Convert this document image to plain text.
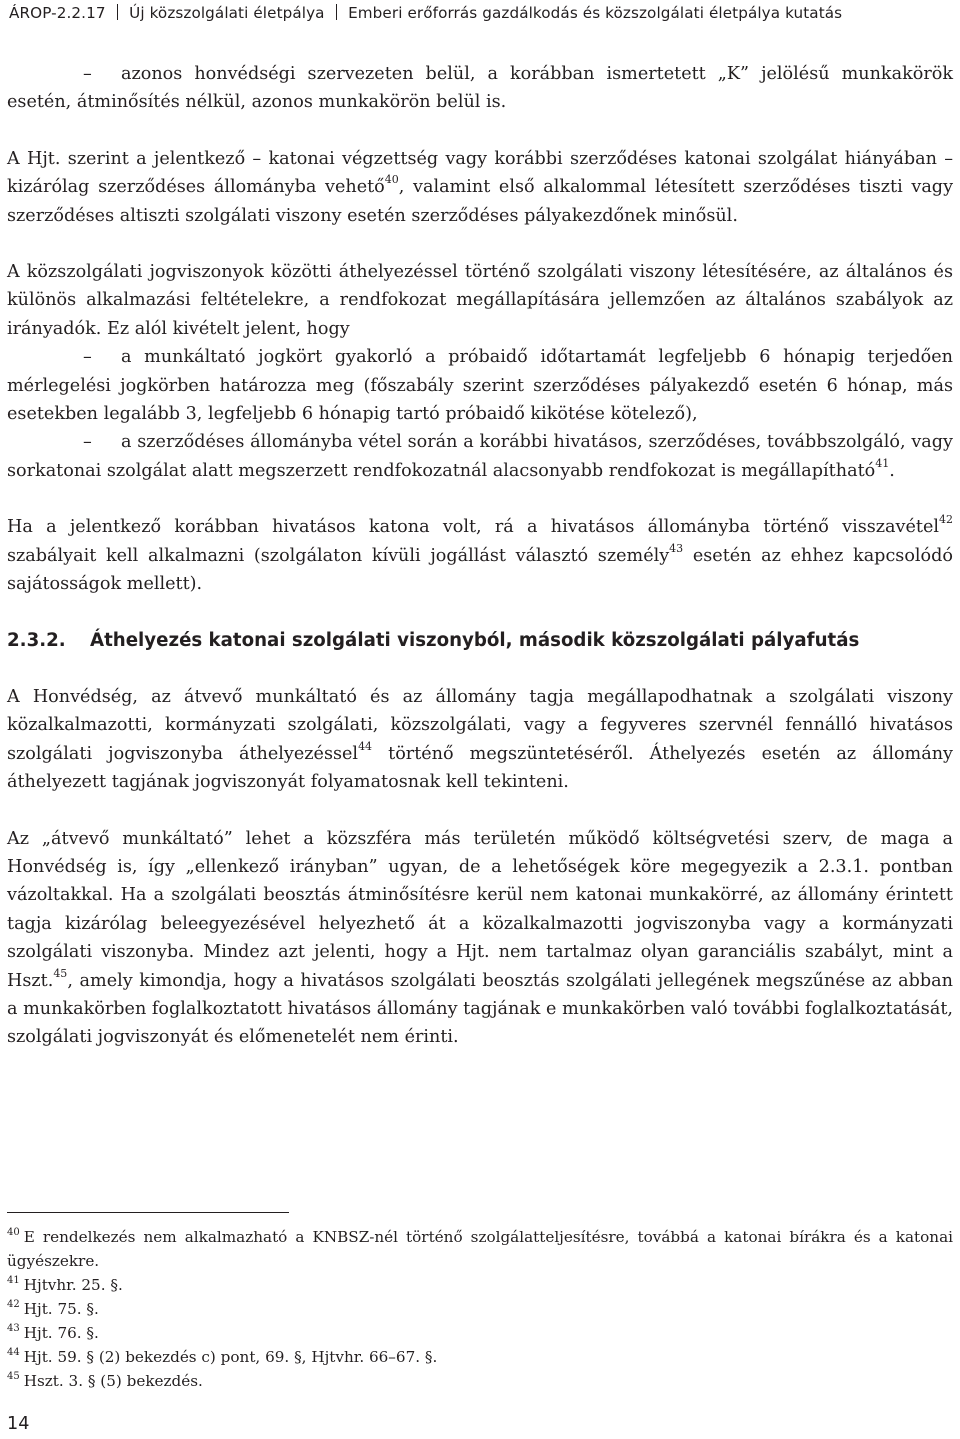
ÁROP-2.2.17 Új közszolgálati életpálya Emberi erőforrás gazdálkodás és közszolgálati életpálya kutatás

– azonos honvédségi szervezeten belül, a korábban ismertetett „K” jelölésű munkakörök esetén, átminősítés nélkül, azonos munkakörön belül is.

A Hjt. szerint a jelentkező – katonai végzettség vagy korábbi szerződéses katonai szolgálat hiányában – kizárólag szerződéses állományba vehető$^{40}$, valamint első alkalommal létesített szerződéses tiszti vagy szerződéses altiszti szolgálati viszony esetén szerződéses pályakezdőnek minősül.

A közszolgálati jogviszonyok közötti áthelyezéssel történő szolgálati viszony létesítésére, az általános és különös alkalmazási feltételekre, a rendfokozat megállapítására jellemzően az általános szabályok az irányadók. Ez alól kivételt jelent, hogy

– a munkáltató jogkört gyakorló a próbaidő időtartamát legfeljebb 6 hónapig terjedően mérlegelési jogkörben határozza meg (főszabály szerint szerződéses pályakezdő esetén 6 hónap, más esetekben legalább 3, legfeljebb 6 hónapig tartó próbaidő kikötése kötelező),

– a szerződéses állományba vétel során a korábbi hivatásos, szerződéses, továbbszolgáló, vagy sorkatonai szolgálat alatt megszerzett rendfokozatnál alacsonyabb rendfokozat is megállapítható$^{41}$.

Ha a jelentkező korábban hivatásos katona volt, rá a hivatásos állományba történő visszavétel$^{42}$ szabályait kell alkalmazni (szolgálaton kívüli jogállást választó személy$^{43}$ esetén az ehhez kapcsolódó sajátosságok mellett).

2.3.2.	Áthelyezés katonai szolgálati viszonyból, második közszolgálati pályafutás

A Honvédség, az átvevő munkáltató és az állomány tagja megállapodhatnak a szolgálati viszony közalkalmazotti, kormányzati szolgálati, közszolgálati, vagy a fegyveres szervnél fennálló hivatásos szolgálati jogviszonyba áthelyezéssel$^{44}$ történő megszüntetéséről. Áthelyezés esetén az állomány áthelyezett tagjának jogviszonyát folyamatosnak kell tekinteni.

Az „átvevő munkáltató” lehet a közszféra más területén működő költségvetési szerv, de maga a Honvédség is, így „ellenkező irányban” ugyan, de a lehetőségek köre megegyezik a 2.3.1. pontban vázoltakkal. Ha a szolgálati beosztás átminősítésre kerül nem katonai munkakörré, az állomány érintett tagja kizárólag beleegyezésével helyezhető át a közalkalmazotti jogviszonyba vagy a kormányzati szolgálati viszonyba. Mindez azt jelenti, hogy a Hjt. nem tartalmaz olyan garanciális szabályt, mint a Hszt.$^{45}$, amely kimondja, hogy a hivatásos szolgálati beosztás szolgálati jellegének megszűnése az abban a munkakörben foglalkoztatott hivatásos állomány tagjának e munkakörben való további foglalkoztatását, szolgálati jogviszonyát és előmenetelét nem érinti.

$^{40}$ E rendelkezés nem alkalmazható a KNBSZ-nél történő szolgálatteljesítésre, továbbá a katonai bírákra és a katonai ügyészekre.

$^{41}$ Hjtvhr. 25. §.

$^{42}$ Hjt. 75. §.

$^{43}$ Hjt. 76. §.

$^{44}$ Hjt. 59. § (2) bekezdés c) pont, 69. §, Hjtvhr. 66–67. §.

$^{45}$ Hszt. 3. § (5) bekezdés.

14
